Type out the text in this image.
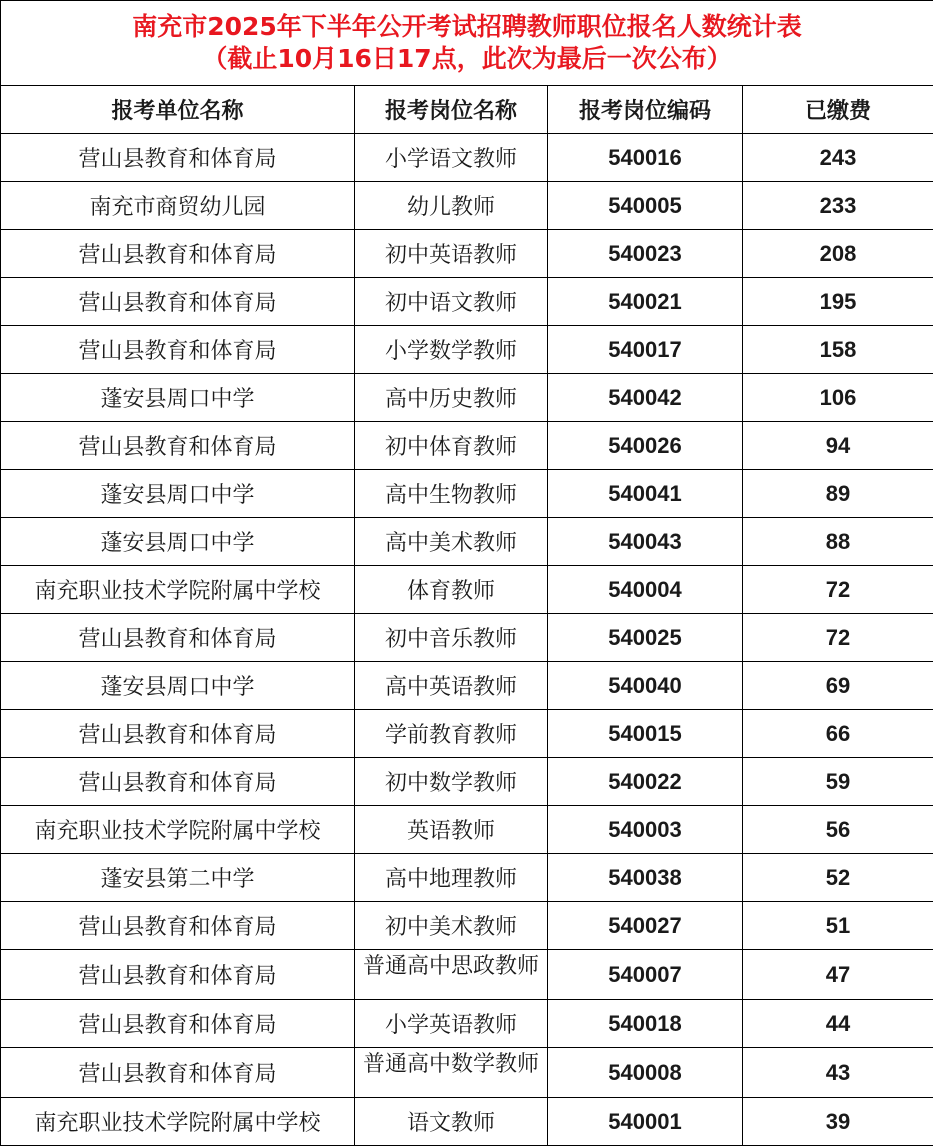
南充市2025年下半年公开考试招聘教师职位报名人数统计表
（截止10月16日17点，此次为最后一次公布）			

报考单位名称	报考岗位名称	报考岗位编码	已缴费
营山县教育和体育局	小学语文教师	540016	243
南充市商贸幼儿园	幼儿教师	540005	233
营山县教育和体育局	初中英语教师	540023	208
营山县教育和体育局	初中语文教师	540021	195
营山县教育和体育局	小学数学教师	540017	158
蓬安县周口中学	高中历史教师	540042	106
营山县教育和体育局	初中体育教师	540026	94
蓬安县周口中学	高中生物教师	540041	89
蓬安县周口中学	高中美术教师	540043	88
南充职业技术学院附属中学校	体育教师	540004	72
营山县教育和体育局	初中音乐教师	540025	72
蓬安县周口中学	高中英语教师	540040	69
营山县教育和体育局	学前教育教师	540015	66
营山县教育和体育局	初中数学教师	540022	59
南充职业技术学院附属中学校	英语教师	540003	56
蓬安县第二中学	高中地理教师	540038	52
营山县教育和体育局	初中美术教师	540027	51
营山县教育和体育局	普通高中思政教师	540007	47
营山县教育和体育局	小学英语教师	540018	44
营山县教育和体育局	普通高中数学教师	540008	43
南充职业技术学院附属中学校	语文教师	540001	39
